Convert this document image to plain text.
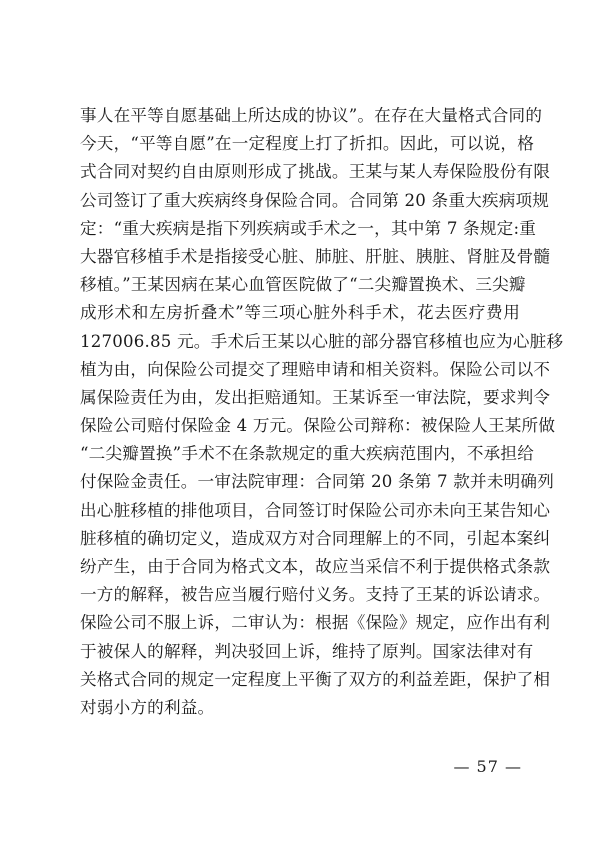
事人在平等自愿基础上所达成的协议”。在存在大量格式合同的
今天，“平等自愿”在一定程度上打了折扣。因此，可以说，格
式合同对契约自由原则形成了挑战。王某与某人寿保险股份有限
公司签订了重大疾病终身保险合同。合同第 20 条重大疾病项规
定：“重大疾病是指下列疾病或手术之一，其中第 7 条规定:重
大器官移植手术是指接受心脏、肺脏、肝脏、胰脏、肾脏及骨髓
移植。”王某因病在某心血管医院做了“二尖瓣置换术、三尖瓣
成形术和左房折叠术”等三项心脏外科手术，花去医疗费用
127006.85 元。手术后王某以心脏的部分器官移植也应为心脏移
植为由，向保险公司提交了理赔申请和相关资料。保险公司以不
属保险责任为由，发出拒赔通知。王某诉至一审法院，要求判令
保险公司赔付保险金 4 万元。保险公司辩称：被保险人王某所做
“二尖瓣置换”手术不在条款规定的重大疾病范围内，不承担给
付保险金责任。一审法院审理：合同第 20 条第 7 款并未明确列
出心脏移植的排他项目，合同签订时保险公司亦未向王某告知心
脏移植的确切定义，造成双方对合同理解上的不同，引起本案纠
纷产生，由于合同为格式文本，故应当采信不利于提供格式条款
一方的解释，被告应当履行赔付义务。支持了王某的诉讼请求。
保险公司不服上诉，二审认为：根据《保险》规定，应作出有利
于被保人的解释，判决驳回上诉，维持了原判。国家法律对有
关格式合同的规定一定程度上平衡了双方的利益差距，保护了相
对弱小方的利益。
— 57 —
